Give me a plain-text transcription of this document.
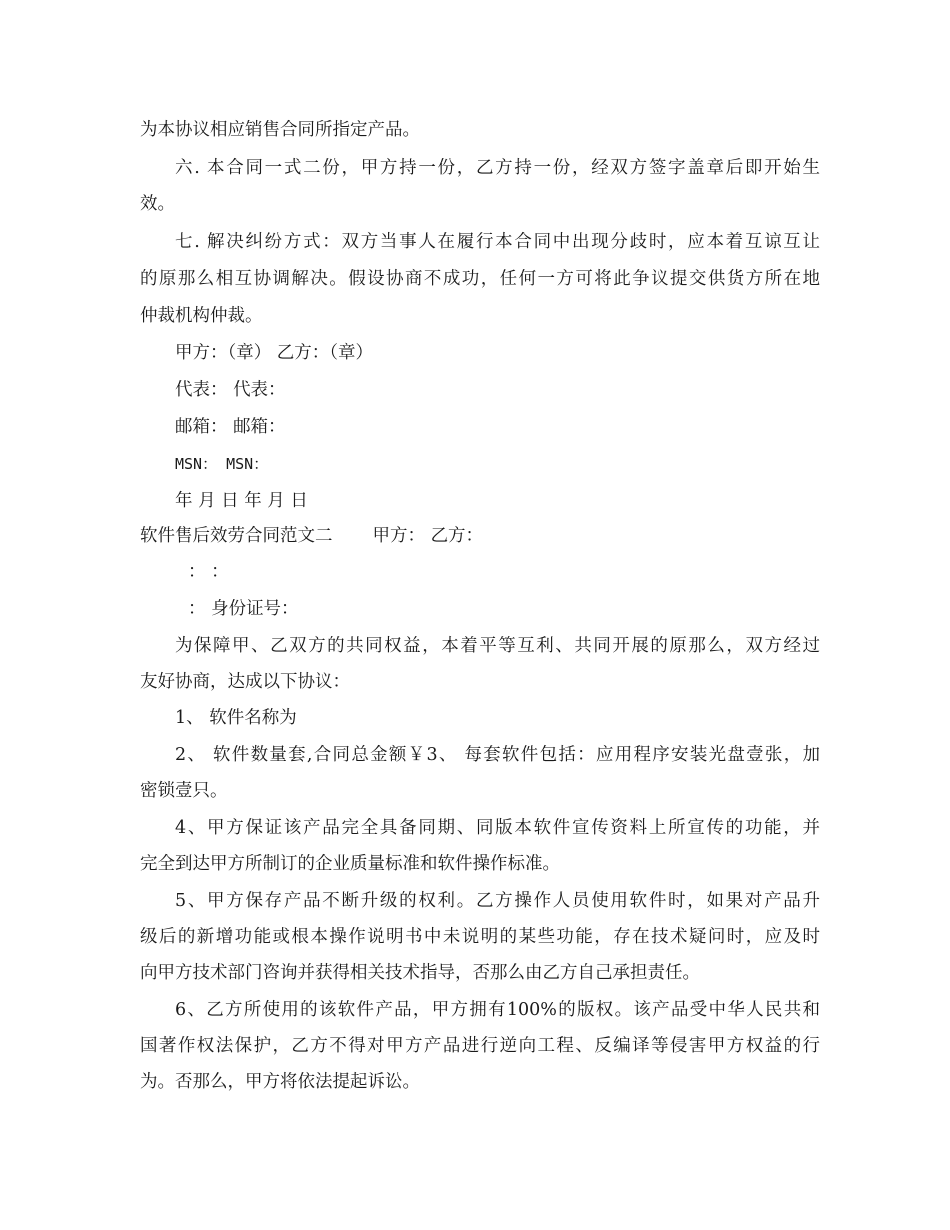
为本协议相应销售合同所指定产品。
六. 本合同一式二份，甲方持一份，乙方持一份，经双方签字盖章后即开始生
效。
七. 解决纠纷方式：双方当事人在履行本合同中出现分歧时，应本着互谅互让
的原那么相互协调解决。假设协商不成功，任何一方可将此争议提交供货方所在地
仲裁机构仲裁。
甲方：（章） 乙方：（章）
代表： 代表：
邮箱： 邮箱：
MSN： MSN：
年 月 日 年 月 日
软件售后效劳合同范文二 甲方： 乙方：
： ：
： 身份证号：
为保障甲、乙双方的共同权益，本着平等互利、共同开展的原那么，双方经过
友好协商，达成以下协议：
1、 软件名称为
2、 软件数量套,合同总金额￥3、 每套软件包括：应用程序安装光盘壹张，加
密锁壹只。
4、甲方保证该产品完全具备同期、同版本软件宣传资料上所宣传的功能，并
完全到达甲方所制订的企业质量标准和软件操作标准。
5、甲方保存产品不断升级的权利。乙方操作人员使用软件时，如果对产品升
级后的新增功能或根本操作说明书中未说明的某些功能，存在技术疑问时，应及时
向甲方技术部门咨询并获得相关技术指导，否那么由乙方自己承担责任。
6、乙方所使用的该软件产品，甲方拥有100%的版权。该产品受中华人民共和
国著作权法保护，乙方不得对甲方产品进行逆向工程、反编译等侵害甲方权益的行
为。否那么，甲方将依法提起诉讼。
